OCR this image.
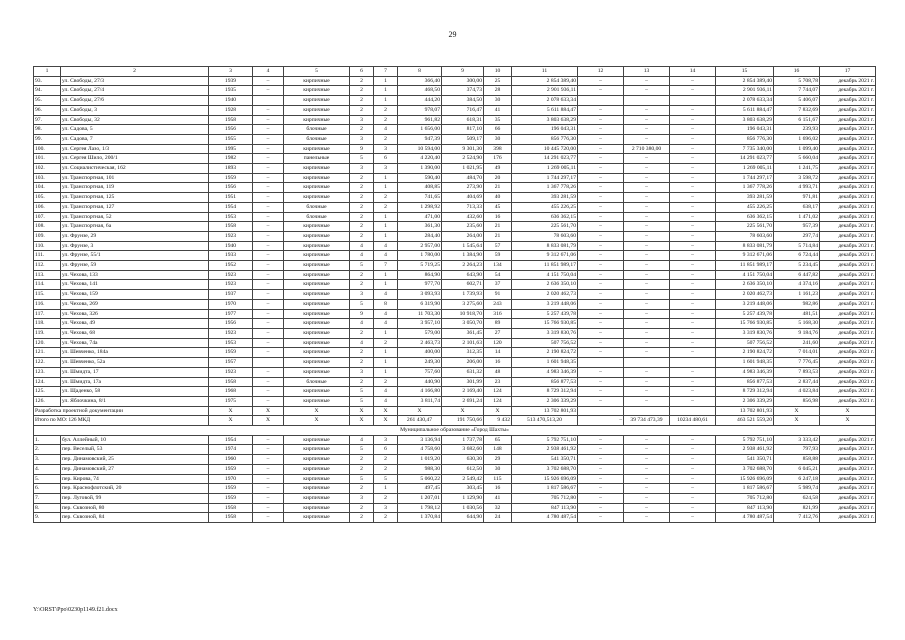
29
1	2	3	4	5	6	7	8	9	10	11	12	13	14	15	16	17
93.	ул. Свободы, 27/3	1939	–	кирпичные	2	1	366,40	300,00	25	2 854 389,40	–	–	–	2 854 389,40	5 708,78	декабрь 2021 г.
94.	ул. Свободы, 27/4	1935	–	кирпичные	2	1	468,50	374,73	28	2 901 936,11	–	–	–	2 901 936,11	7 744,07	декабрь 2021 г.
95.	ул. Свободы, 27/6	1940		кирпичные	2	1	444,20	384,50	30	2 078 633,34				2 078 633,34	5 406,07	декабрь 2021 г.
96.	ул. Свободы, 3	1928	–	кирпичные	2	2	978,07	716,47	41	5 611 884,47	–	–	–	5 611 884,47	7 832,69	декабрь 2021 г.
97.	ул. Свободы, 32	1958	–	кирпичные	3	2	961,82	618,31	35	3 803 638,29	–	–	–	3 803 638,29	6 151,67	декабрь 2021 г.
98.	ул. Садова, 5	1956	–	блочные	2	4	1 656,00	817,10	66	196 043,31	–	–	–	196 043,31	239,93	декабрь 2021 г.
99.	ул. Садова, 7	1955	–	блочные	3	2	947,39	509,17	30	856 776,30	–	–	–	856 776,30	1 696,02	декабрь 2021 г.
100.	ул. Сергея Лазо, 1/3	1995	–	кирпичные	9	3	10 594,00	9 301,30	398	10 445 720,00	–	2 710 380,00	–	7 735 340,00	1 099,40	декабрь 2021 г.
101.	ул. Сергея Шило, 200/1	1982	–	панельные	5	6	4 220,40	2 524,90	176	14 291 023,77	–	–	–	14 291 023,77	5 660,04	декабрь 2021 г.
102.	ул. Социалистическая, 162	1893	–	кирпичные	3	3	1 390,00	1 021,95	49	1 269 005,11	–	–	–	1 269 005,11	1 241,75	декабрь 2021 г.
103.	ул. Транспортная, 101	1959	–	кирпичные	2	1	590,40	484,70	20	1 744 297,17	–	–	–	1 744 297,17	3 598,72	декабрь 2021 г.
104.	ул. Транспортная, 119	1956	–	кирпичные	2	1	408,85	273,90	21	1 367 778,26	–	–	–	1 367 778,26	4 993,71	декабрь 2021 г.
105.	ул. Транспортная, 125	1951	–	кирпичные	2	2	741,65	404,69	40	393 281,59	–	–	–	393 281,59	971,81	декабрь 2021 г.
106.	ул. Транспортная, 127	1954	–	блочные	2	2	1 298,92	713,33	45	455 226,25	–	–	–	455 226,25	638,17	декабрь 2021 г.
107.	ул. Транспортная, 52	1953	–	блочные	2	1	471,00	432,60	16	636 362,15	–	–	–	636 362,15	1 471,02	декабрь 2021 г.
108.	ул. Транспортная, 6а	1958	–	кирпичные	2	1	361,30	235,60	21	225 561,70	–	–	–	225 561,70	957,39	декабрь 2021 г.
109.	ул. Фрунзе, 29	1923	–	кирпичные	2	1	284,40	264,00	21	78 603,60	–	–	–	78 603,60	297,74	декабрь 2021 г.
110.	ул. Фрунзе, 3	1940	–	кирпичные	4	4	2 957,00	1 545,64	57	8 833 081,79	–	–	–	8 833 081,79	5 714,84	декабрь 2021 г.
111.	ул. Фрунзе, 55/1	1933	–	кирпичные	4	4	1 780,00	1 384,90	59	9 312 671,06	–	–	–	9 312 671,06	6 724,44	декабрь 2021 г.
112.	ул. Фрунзе, 59	1952	–	кирпичные	5	7	5 719,25	2 264,23	134	11 851 989,17	–	–	–	11 851 989,17	5 234,45	декабрь 2021 г.
113.	ул. Чехова, 133	1923	–	кирпичные	2	1	864,90	643,90	54	4 151 750,04	–	–	–	4 151 750,04	6 447,82	декабрь 2021 г.
114.	ул. Чехова, 141	1923	–	кирпичные	2	1	977,70	602,71	37	2 636 350,10	–	–	–	2 636 350,10	4 374,16	декабрь 2021 г.
115.	ул. Чехова, 159	1937	–	кирпичные	3	4	3 093,93	1 739,93	91	2 020 462,73	–	–	–	2 020 462,73	1 161,23	декабрь 2021 г.
116.	ул. Чехова, 269	1970	–	кирпичные	5	8	6 319,90	3 275,60	243	3 219 448,06	–	–	–	3 219 448,06	982,86	декабрь 2021 г.
117.	ул. Чехова, 326	1977	–	кирпичные	9	4	11 703,30	10 918,70	316	5 257 439,78	–	–	–	5 257 439,78	481,51	декабрь 2021 г.
118.	ул. Чехова, 49	1956	–	кирпичные	4	4	3 957,10	3 050,70	89	15 766 930,85	–	–	–	15 766 930,85	5 168,30	декабрь 2021 г.
119.	ул. Чехова, 68	1923	–	кирпичные	2	1	579,00	361,45	27	3 319 830,76	–	–	–	3 319 830,76	9 184,76	декабрь 2021 г.
120.	ул. Чехова, 74а	1953	–	кирпичные	4	2	2 463,73	2 101,63	120	507 756,52	–	–	–	507 756,52	241,60	декабрь 2021 г.
121.	ул. Шевченко, 184а	1959	–	кирпичные	2	1	400,00	312,35	14	2 190 824,72	–	–	–	2 190 824,72	7 014,01	декабрь 2021 г.
122.	ул. Шевченко, 52а	1957		кирпичные	2	1	249,30	206,00	16	1 601 948,35				1 601 948,35	7 776,45	декабрь 2021 г.
123.	ул. Шмидта, 17	1923	–	кирпичные	3	1	757,60	631,32	48	4 983 346,39	–	–	–	4 983 346,39	7 893,53	декабрь 2021 г.
124.	ул. Шмидта, 17а	1958	–	блочные	2	2	440,90	301,99	23	856 877,53	–	–	–	856 877,53	2 837,44	декабрь 2021 г.
125.	ул. Щаденко, 58	1968	–	кирпичные	5	4	4 166,80	2 169,40	124	8 729 312,94	–	–	–	8 729 312,94	4 023,84	декабрь 2021 г.
126.	ул. Яблочкина, 8/1	1975	–	кирпичные	5	4	3 811,74	2 691,24	124	2 306 339,29	–	–	–	2 306 339,29	856,98	декабрь 2021 г.
Разработка проектной документации		X	X	X	X	X	X	X	X	13 702 801,93				13 702 801,93	X	X
Итого по МО: 126 МКД		X	X	X	X	X	261 430,47	191 750,66	9 432	513 470,513,20	–	39 734 473,39	10234 480,61	463 521 559,20	X	X
Муниципальное образование «Город Шахты»																
1.	бул. Аллейный, 10	1954	–	кирпичные	4	3	3 136,94	1 737,78	65	5 792 751,10	–	–	–	5 792 751,10	3 333,42	декабрь 2021 г.
2.	пер. Веселый, 53	1974	–	кирпичные	5	6	4 758,60	3 682,60	148	2 938 461,92	–	–	–	2 938 461,92	797,93	декабрь 2021 г.
3.	пер. Динамовский, 25	1960	–	кирпичные	2	2	1 019,20	630,30	29	541 350,71	–	–	–	541 350,71	858,88	декабрь 2021 г.
4.	пер. Динамовский, 27	1959	–	кирпичные	2	2	988,30	612,50	30	3 702 688,70	–	–	–	3 702 688,70	6 045,21	декабрь 2021 г.
5.	пер. Кирова, 74	1970	–	кирпичные	5	5	5 060,22	2 549,42	115	15 926 696,09	–	–	–	15 926 696,09	6 247,18	декабрь 2021 г.
6.	пер. Краснофлотский, 20	1959	–	кирпичные	2	1	497,45	303,45	16	1 817 586,67	–	–	–	1 817 586,67	5 989,74	декабрь 2021 г.
7.	пер. Луговой, 99	1959	–	кирпичные	3	2	1 207,01	1 129,90	41	705 712,80	–	–	–	705 712,80	624,58	декабрь 2021 г.
8.	пер. Сквозной, 80	1958	–	кирпичные	2	3	1 798,12	1 030,56	32	847 113,90	–	–	–	847 113,90	821,99	декабрь 2021 г.
9.	пер. Сквозной, 84	1958	–	кирпичные	2	2	1 370,84	644,90	24	4 780 487,54	–	–	–	4 780 487,54	7 412,76	декабрь 2021 г.
Y:\ORST\Ppo\0230p1149.f21.docx
